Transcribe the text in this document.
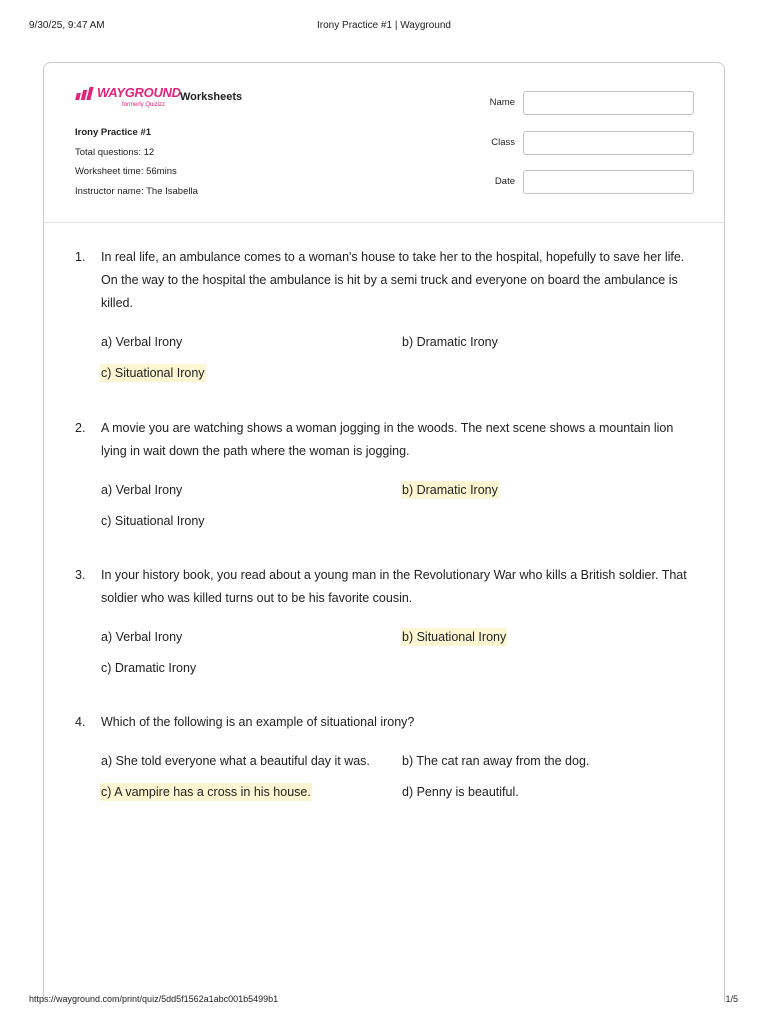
9/30/25, 9:47 AM	Irony Practice #1 | Wayground
WAYGROUND
formerly Quizizz
Worksheets
Irony Practice #1
Total questions: 12
Worksheet time: 56mins
Instructor name: The Isabella
Name
Class
Date
1. In real life, an ambulance comes to a woman's house to take her to the hospital, hopefully to save her life. On the way to the hospital the ambulance is hit by a semi truck and everyone on board the ambulance is killed.
a) Verbal Irony	b) Dramatic Irony
c) Situational Irony
2. A movie you are watching shows a woman jogging in the woods. The next scene shows a mountain lion lying in wait down the path where the woman is jogging.
a) Verbal Irony	b) Dramatic Irony
c) Situational Irony
3. In your history book, you read about a young man in the Revolutionary War who kills a British soldier. That soldier who was killed turns out to be his favorite cousin.
a) Verbal Irony	b) Situational Irony
c) Dramatic Irony
4. Which of the following is an example of situational irony?
a) She told everyone what a beautiful day it was.	b) The cat ran away from the dog.
c) A vampire has a cross in his house.	d) Penny is beautiful.
https://wayground.com/print/quiz/5dd5f1562a1abc001b5499b1	1/5
